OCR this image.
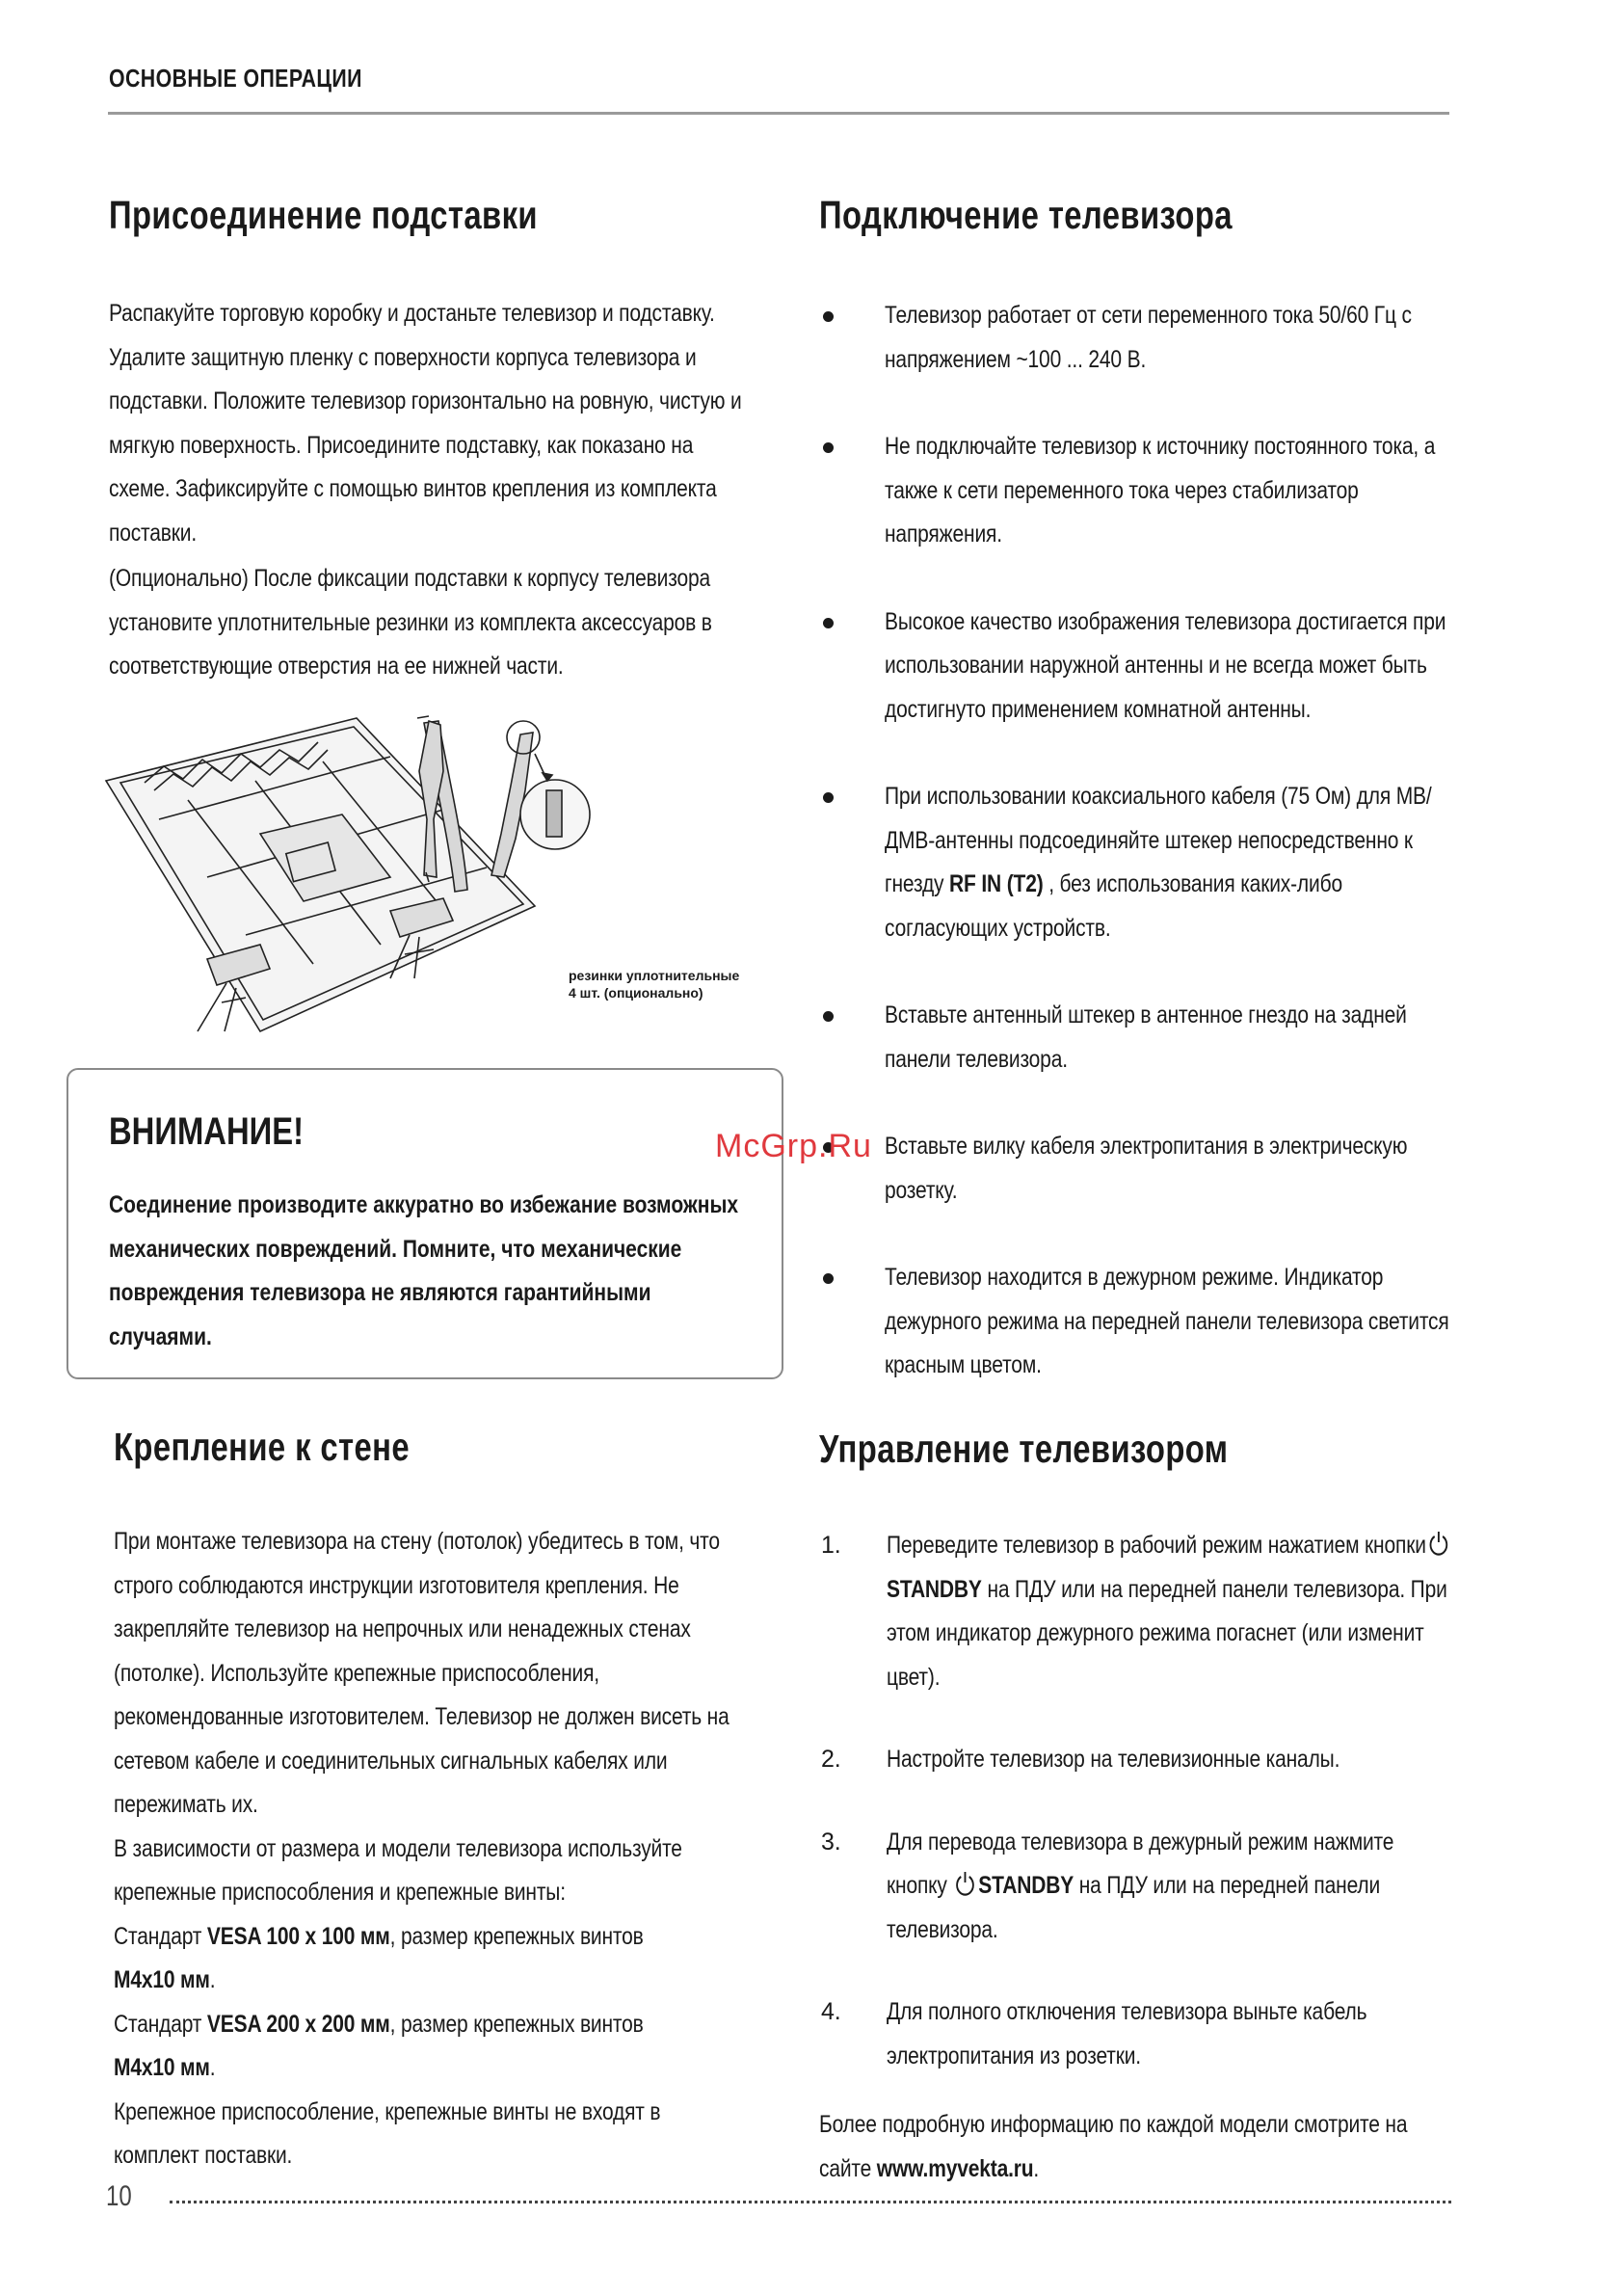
ОСНОВНЫЕ ОПЕРАЦИИ
Присоединение подставки

Распакуйте торговую коробку и достаньте телевизор и подставку. Удалите защитную пленку с поверхности корпуса телевизора и подставки. Положите телевизор горизонтально на ровную, чистую и мягкую поверхность. Присоедините подставку, как показано на схеме. Зафиксируйте с помощью винтов крепления из комплекта поставки.

(Опционально) После фиксации подставки к корпусу телевизора установите уплотнительные резинки из комплекта аксессуаров в соответствующие отверстия на ее нижней части.

резинки уплотнительные
4 шт. (опционально)
ВНИМАНИЕ!
Соединение производите аккуратно во избежание возможных механических повреждений. Помните, что механические повреждения телевизора не являются гарантийными случаями.
Крепление к стене

При монтаже телевизора на стену (потолок) убедитесь в том, что строго соблюдаются инструкции изготовителя крепления. Не закрепляйте телевизор на непрочных или ненадежных стенах (потолке). Используйте крепежные приспособления, рекомендованные изготовителем. Телевизор не должен висеть на сетевом кабеле и соединительных сигнальных кабелях или пережимать их.

В зависимости от размера и модели телевизора используйте крепежные приспособления и крепежные винты:

Стандарт VESA 100 x 100 мм, размер крепежных винтов
M4x10 мм.

Стандарт VESA 200 x 200 мм, размер крепежных винтов
M4x10 мм.

Крепежное приспособление, крепежные винты не входят в комплект поставки.

Подключение телевизора
Телевизор работает от сети переменного тока 50/60 Гц с напряжением ~100 ... 240 В.
Не подключайте телевизор к источнику постоянного тока, а также к сети переменного тока через стабилизатор напряжения.
Высокое качество изображения телевизора достигается при использовании наружной антенны и не всегда может быть достигнуто применением комнатной антенны.
При использовании коаксиального кабеля (75 Ом) для МВ/ДМВ-антенны подсоединяйте штекер непосредственно к гнезду RF IN (T2) , без использования каких-либо согласующих устройств.
Вставьте антенный штекер в антенное гнездо на задней панели телевизора.
Вставьте вилку кабеля электропитания в электрическую розетку.
Телевизор находится в дежурном режиме. Индикатор дежурного режима на передней панели телевизора светится красным цветом.
Управление телевизором
1. Переведите телевизор в рабочий режим нажатием кнопкиSTANDBY на ПДУ или на передней панели телевизора. При этом индикатор дежурного режима погаснет (или изменит цвет).
2. Настройте телевизор на телевизионные каналы.
3. Для перевода телевизора в дежурный режим нажмите кнопку STANDBY на ПДУ или на передней панели телевизора.
4. Для полного отключения телевизора выньте кабель электропитания из розетки.

Более подробную информацию по каждой модели смотрите на сайте www.myvekta.ru.

McGrp.Ru
10
